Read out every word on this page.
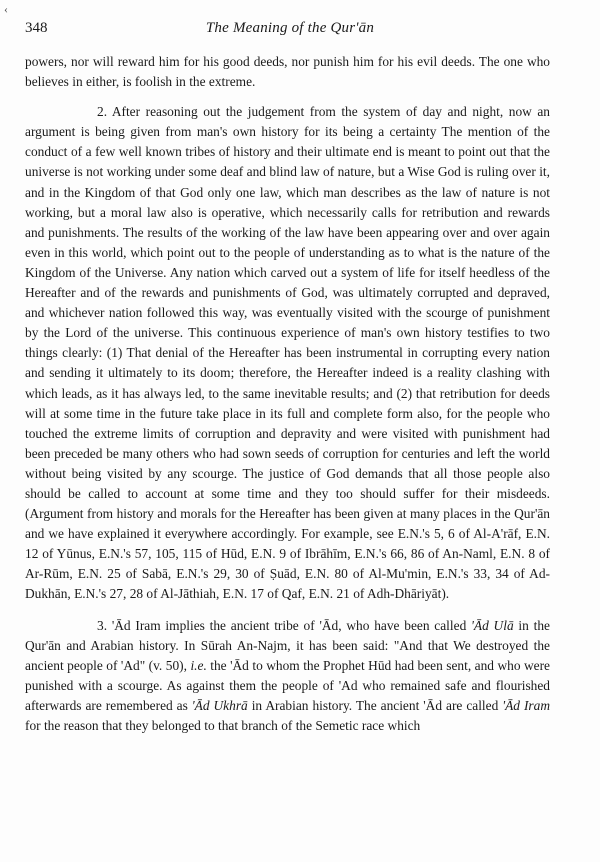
‹
348	The Meaning of the Qur'ān

powers, nor will reward him for his good deeds, nor punish him for his evil deeds. The one who believes in either, is foolish in the extreme.

2. After reasoning out the judgement from the system of day and night, now an argument is being given from man's own history for its being a certainty The mention of the conduct of a few well known tribes of history and their ultimate end is meant to point out that the universe is not working under some deaf and blind law of nature, but a Wise God is ruling over it, and in the Kingdom of that God only one law, which man describes as the law of nature is not working, but a moral law also is operative, which necessarily calls for retribution and rewards and punishments. The results of the working of the law have been appearing over and over again even in this world, which point out to the people of understanding as to what is the nature of the Kingdom of the Universe. Any nation which carved out a system of life for itself heedless of the Hereafter and of the rewards and punishments of God, was ultimately corrupted and depraved, and whichever nation followed this way, was eventually visited with the scourge of punishment by the Lord of the universe. This continuous experience of man's own history testifies to two things clearly: (1) That denial of the Hereafter has been instrumental in corrupting every nation and sending it ultimately to its doom; therefore, the Hereafter indeed is a reality clashing with which leads, as it has always led, to the same inevitable results; and (2) that retribution for deeds will at some time in the future take place in its full and complete form also, for the people who touched the extreme limits of corruption and depravity and were visited with punishment had been preceded be many others who had sown seeds of corruption for centuries and left the world without being visited by any scourge. The justice of God demands that all those people also should be called to account at some time and they too should suffer for their misdeeds. (Argument from history and morals for the Hereafter has been given at many places in the Qur'ān and we have explained it everywhere accordingly. For example, see E.N.'s 5, 6 of Al-A'rāf, E.N. 12 of Yūnus, E.N.'s 57, 105, 115 of Hūd, E.N. 9 of Ibrāhīm, E.N.'s 66, 86 of An-Naml, E.N. 8 of Ar-Rūm, E.N. 25 of Sabā, E.N.'s 29, 30 of Ṣuād, E.N. 80 of Al-Mu'min, E.N.'s 33, 34 of Ad-Dukhān, E.N.'s 27, 28 of Al-Jāthiah, E.N. 17 of Qaf, E.N. 21 of Adh-Dhāriyāt).

3. 'Ād Iram implies the ancient tribe of 'Ād, who have been called 'Ād Ulā in the Qur'ān and Arabian history. In Sūrah An-Najm, it has been said: "And that We destroyed the ancient people of 'Ad" (v. 50), i.e. the 'Ād to whom the Prophet Hūd had been sent, and who were punished with a scourge. As against them the people of 'Ad who remained safe and flourished afterwards are remembered as 'Ād Ukhrā in Arabian history. The ancient 'Ād are called 'Ād Iram for the reason that they belonged to that branch of the Semetic race which
